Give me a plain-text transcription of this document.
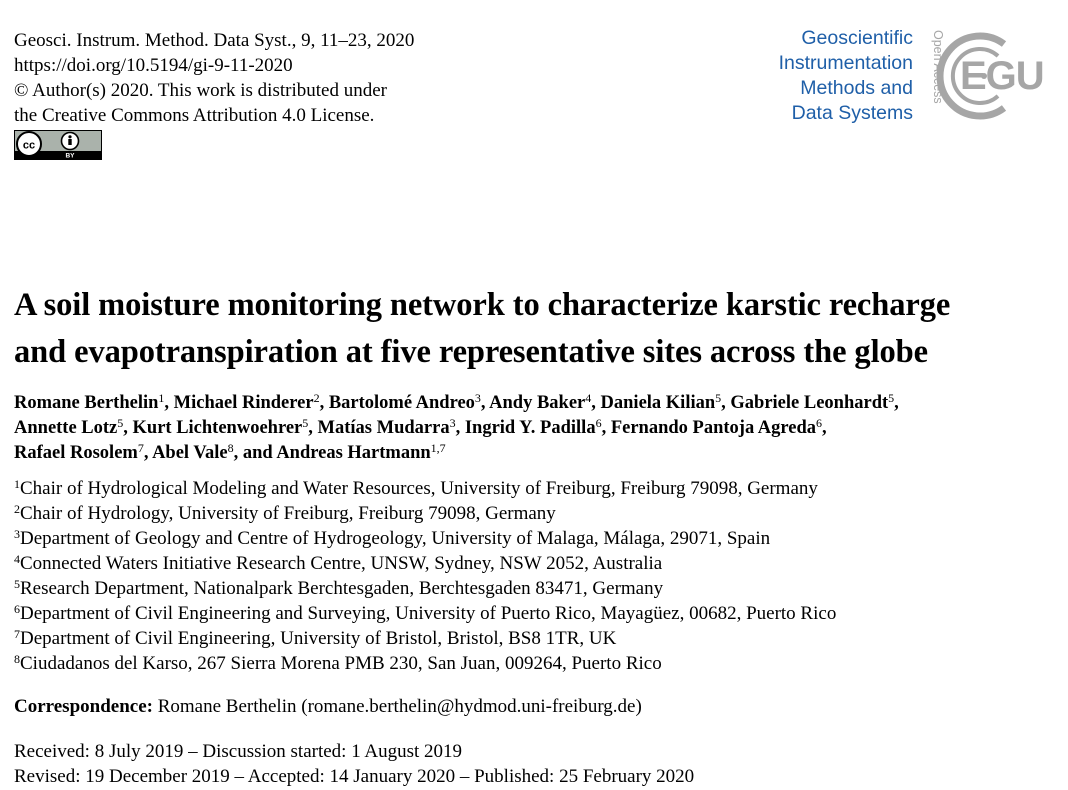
Geosci. Instrum. Method. Data Syst., 9, 11–23, 2020
https://doi.org/10.5194/gi-9-11-2020
© Author(s) 2020. This work is distributed under
the Creative Commons Attribution 4.0 License.
cc
BY
Geoscientific
Instrumentation
Methods and
Data Systems
Open Access EGU
A soil moisture monitoring network to characterize karstic recharge
and evapotranspiration at five representative sites across the globe
Romane Berthelin$^1$, Michael Rinderer$^2$, Bartolomé Andreo$^3$, Andy Baker$^4$, Daniela Kilian$^5$, Gabriele Leonhardt$^5$,
Annette Lotz$^5$, Kurt Lichtenwoehrer$^5$, Matías Mudarra$^3$, Ingrid Y. Padilla$^6$, Fernando Pantoja Agreda$^6$,
Rafael Rosolem$^7$, Abel Vale$^8$, and Andreas Hartmann$^{1,7}$
$^1$Chair of Hydrological Modeling and Water Resources, University of Freiburg, Freiburg 79098, Germany
$^2$Chair of Hydrology, University of Freiburg, Freiburg 79098, Germany
$^3$Department of Geology and Centre of Hydrogeology, University of Malaga, Málaga, 29071, Spain
$^4$Connected Waters Initiative Research Centre, UNSW, Sydney, NSW 2052, Australia
$^5$Research Department, Nationalpark Berchtesgaden, Berchtesgaden 83471, Germany
$^6$Department of Civil Engineering and Surveying, University of Puerto Rico, Mayagüez, 00682, Puerto Rico
$^7$Department of Civil Engineering, University of Bristol, Bristol, BS8 1TR, UK
$^8$Ciudadanos del Karso, 267 Sierra Morena PMB 230, San Juan, 009264, Puerto Rico
Correspondence: Romane Berthelin (romane.berthelin@hydmod.uni-freiburg.de)
Received: 8 July 2019 – Discussion started: 1 August 2019
Revised: 19 December 2019 – Accepted: 14 January 2020 – Published: 25 February 2020
